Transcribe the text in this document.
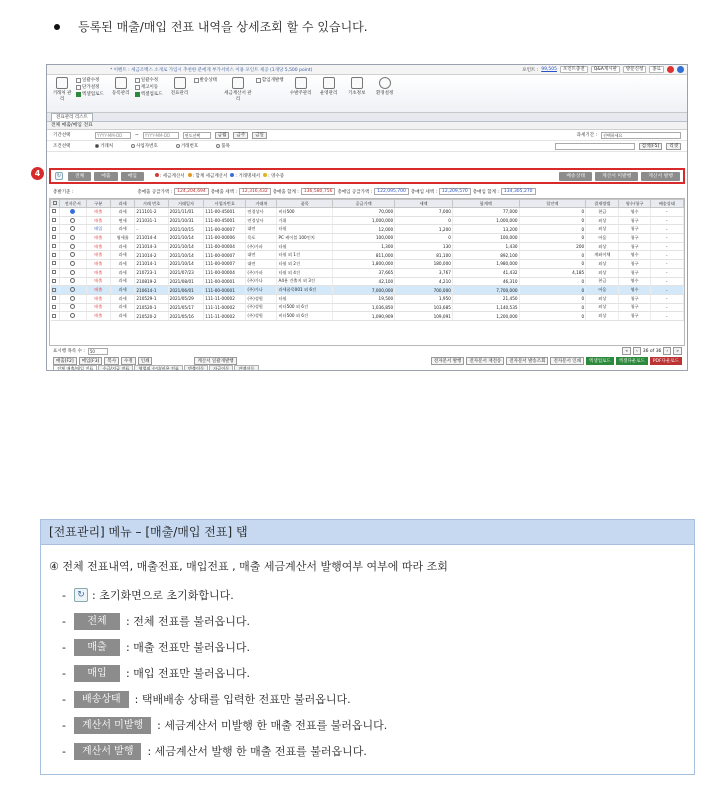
등록된 매출/매입 전표 내역을 상세조회 할 수 있습니다.
* 이벤트 : 세금조백스 소개로 가입시 추천한 분에게 부가서비스 이용 포인트 제공 (1개당 5,500 point)	포인트 : 99,505	포인트충전	Q&A게시판	방문신청	종료
거래처 관리
일괄수정
단가설정
엑셀업로드	등록관리
일괄수정
재고이동
엑셀업로드	전표관리
발송상태
세금계산서 관리
합입개발행
수발주관리	운영관리	기초정보	환경설정
전표관리 리스트
전체 매출/매입 전표
기간선택	YYYY-MM-DD	~	YYYY-MM-DD	연도선택	금월	금주	금일	과세기간 :	선택하세요
조건선택	거래처	사업자번호	거래번호	품목	검색[F5]	리셋
↻	전체	매출	매입	: 세금계산서	: 합계 세금계산서	: 거래명세서	: 영수증	배송상태	계산서 미발행	계산서 발행
총발기준 :	총매출 공급가액 :	124,204,694	총매출 세액 :	12,316,432	총매출 합계 :	136,580,756	총매입 공급가액 :	122,095,700	총매입 세액 :	12,209,570	총매입 합계 :	134,305,270
	전자문서	구분	과세	거래 번호	거래일자	사업자번호	거래처	품목	공급가액	세액	합계액	할인액	결제방법	영수/청구	배송상태
		매출	과세	211101-2	2021/11/01	111-00-45001	연경상사	비타500	70,000	7,000	77,000	0	현금	영수	-
		매출	면세	211031-1	2021/10/31	111-00-45001	연경상사	가위	1,000,000	0	1,000,000	0	외상	청구	-
		매입	과세	-	2021/10/15	111-00-00007	대연	타월	12,000	1,200	13,200	0	외상	청구	-
		매출	영세율	211014-4	2021/10/14	111-00-00006	목포	PC 케이블 100인치	100,000	0	100,000	0	어음	청구	-
		매출	과세	211014-3	2021/10/14	111-00-00004	(주)가파	타월	1,300	130	1,430	200	외상	청구	-
		매출	과세	211014-2	2021/10/14	111-00-00007	대연	타월 외 1건	811,000	81,100	892,100	0	계좌이체	영수	-
		매출	과세	211014-1	2021/10/14	111-00-00007	대연	타월 외 2건	1,800,000	180,000	1,980,000	0	외상	청구	-
		매출	과세	210723-1	2021/07/23	111-00-00004	(주)가파	타월 외 4건	37,665	3,767	41,432	4,185	외상	청구	-
		매출	과세	210819-2	2021/08/01	111-00-00001	(주)가나	A4용 건출지 외 3건	42,100	4,210	46,310	0	현금	영수	-
		매출	과세	210614-1	2021/06/01	111-00-00001	(주)가나	과세품목001 외 6건	7,000,000	700,000	7,700,000	0	어음	영수	-
		매출	과세	210529-1	2021/05/29	111-11-00002	(주)성원	타월	19,500	1,950	21,450	0	외상	청구	-
		매출	과세	210520-1	2021/05/17	111-11-00002	(주)성원	비타500 외 6건	1,036,850	103,685	1,140,535	0	외상	청구	-
		매출	과세	210520-2	2021/05/16	111-11-00002	(주)성원	비타500 외 6건	1,090,909	109,091	1,200,000	0	외상	청구	-
표시행 목록 수 :	50	«	‹	36 of 36	›	»
매출[F2]	매입[F3]	복사	수정	인쇄	계산서 일괄개발행	전자문서 발행	전자문서 재전송	전자문서 발송조회	전자문서 인쇄	엑셀업로드	엑셀다운로드	PDF다운로드
전체 매출/매입 전표	수금/지급 전표	영업외 수익/비용 전표	반출이동	자금이동	잔액이동
4
[전표관리] 메뉴 – [매출/매입 전표] 탭
④ 전체 전표내역, 매출전표, 매입전표 , 매출 세금계산서 발행여부 여부에 따라 조회
-	↻ : 초기화면으로 초기화합니다.
-	전체	: 전체 전표를 불러옵니다.
-	매출	: 매출 전표만 불러옵니다.
-	매입	: 매입 전표만 불러옵니다.
-	배송상태	: 택배배송 상태를 입력한 전표만 불러옵니다.
-	계산서 미발행	: 세금계산서 미발행 한 매출 전표를 불러옵니다.
-	계산서 발행	: 세금계산서 발행 한 매출 전표를 불러옵니다.
